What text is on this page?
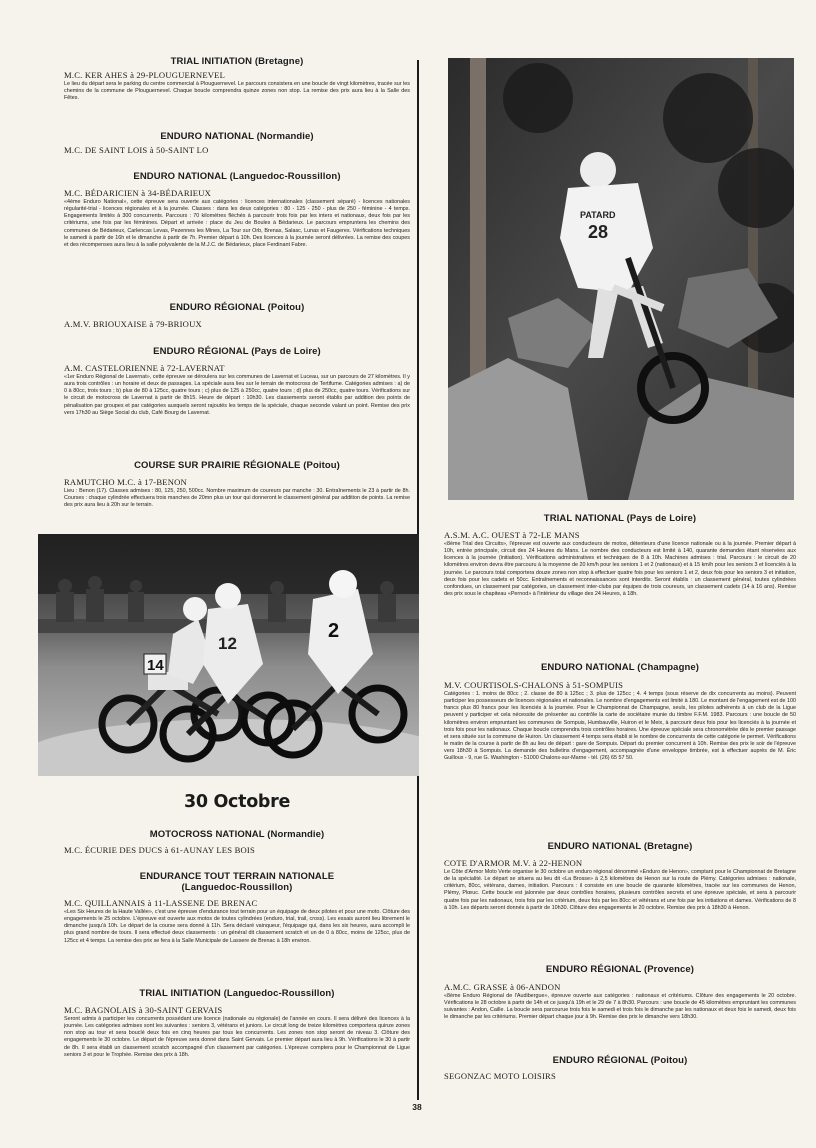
TRIAL INITIATION (Bretagne)
M.C. KER AHES à 29-PLOUGUERNEVEL
Le lieu du départ sera le parking du centre commercial à Plouguernevel. Le parcours consistera en une boucle de vingt kilomètres, tracée sur les chemins de la commune de Plouguernevel. Chaque boucle comprendra quinze zones non stop. La remise des prix aura lieu à la Salle des Fêtes.
ENDURO NATIONAL (Normandie)
M.C. DE SAINT LOIS à 50-SAINT LO
ENDURO NATIONAL (Languedoc-Roussillon)
M.C. BÉDARICIEN à 34-BÉDARIEUX
«4ème Enduro National», cette épreuve sera ouverte aux catégories : licences internationales (classement séparé) - licences nationales régularité-trial - licences régionales et à la journée. Classes : dans les deux catégories : 80 - 125 - 250 - plus de 250 - féminine - 4 temps. Engagements limités à 300 concurrents. Parcours : 70 kilomètres fléchés à parcourir trois fois par les inters et nationaux, deux fois par les critériums, une fois par les féminines. Départ et arrivée : place du Jeu de Boules à Bédarieux. Le parcours empruntera les chemins des communes de Bédarieux, Carlencas Levas, Pezennes les Mines, La Tour sur Orb, Brenas, Salasc, Lunas et Faugeres. Vérifications techniques le samedi à partir de 16h et le dimanche à partir de 7h. Premier départ à 10h. Des licences à la journée seront délivrées. La remise des coupes et des récompenses aura lieu à la salle polyvalente de la M.J.C. de Bédarieux, place Ferdinant Fabre.
ENDURO RÉGIONAL (Poitou)
A.M.V. BRIOUXAISE à 79-BRIOUX
ENDURO RÉGIONAL (Pays de Loire)
A.M. CASTELORIENNE à 72-LAVERNAT
«1er Enduro Régional de Lavernat», cette épreuve se déroulera sur les communes de Lavernat et Luceau, sur un parcours de 27 kilomètres. Il y aura trois contrôles : un horaire et deux de passages. La spéciale aura lieu sur le terrain de motocross de Tertifume. Catégories admises : a) de 0 à 80cc, trois tours ; b) plus de 80 à 125cc, quatre tours ; c) plus de 125 à 250cc, quatre tours ; d) plus de 250cc, quatre tours. Vérifications sur le circuit de motocross de Lavernat à partir de 8h15. Heure de départ : 10h30. Les classements seront établis par addition des points de pénalisation par groupes et par catégories auxquels seront rajoutés les temps de la spéciale, chaque seconde valant un point. Remise des prix vers 17h30 au Siège Social du club, Café Bourg de Lavernat.
COURSE SUR PRAIRIE RÉGIONALE (Poitou)
RAMUTCHO M.C. à 17-BENON
Lieu : Benon (17). Classes admises : 80, 125, 250, 500cc. Nombre maximum de coureurs par manche : 30. Entraînements le 23 à partir de 8h. Courses : chaque cylindrée effectuera trois manches de 20mn plus un tour qui donneront le classement général par addition de points. La remise des prix aura lieu à 20h sur le terrain.
14
12
2
30 Octobre
MOTOCROSS NATIONAL (Normandie)
M.C. ÉCURIE DES DUCS à 61-AUNAY LES BOIS
ENDURANCE TOUT TERRAIN NATIONALE
(Languedoc-Roussillon)
M.C. QUILLANNAIS à 11-LASSENE DE BRENAC
«Les Six Heures de la Haute Vallée», c'est une épreuve d'endurance tout terrain pour un équipage de deux pilotes et pour une moto. Clôture des engagements le 25 octobre. L'épreuve est ouverte aux motos de toutes cylindrées (enduro, trial, trail, cross). Les essais auront lieu librement le dimanche jusqu'à 10h. Le départ de la course sera donné à 11h. Sera déclaré vainqueur, l'équipage qui, dans les six heures, aura accompli le plus grand nombre de tours. Il sera effectué deux classements : un général dit classement scratch et un de 0 à 80cc, moins de 125cc, plus de 125cc et 4 temps. La remise des prix se fera à la Salle Municipale de Lassere de Brenac à 18h environ.
TRIAL INITIATION (Languedoc-Roussillon)
M.C. BAGNOLAIS à 30-SAINT GERVAIS
Seront admis à participer les concurrents possédant une licence (nationale ou régionale) de l'année en cours. Il sera délivré des licences à la journée. Les catégories admises sont les suivantes : seniors 3, vétérans et juniors. Le circuit long de treize kilomètres comportera quinze zones non stop au tour et sera bouclé deux fois en cinq heures par tous les concurrents. Les zones non stop seront de niveau 3. Clôture des engagements le 30 octobre. Le départ de l'épreuve sera donné dans Saint Gervais. Le premier départ aura lieu à 9h. Vérifications le 30 à partir de 8h. Il sera établi un classement scratch accompagné d'un classement par catégories. L'épreuve comptera pour le Championnat de Ligue seniors 3 et pour le Trophée. Remise des prix à 18h.
PATARD
28
TRIAL NATIONAL (Pays de Loire)
A.S.M. A.C. OUEST à 72-LE MANS
«8ème Trial des Circuits», l'épreuve est ouverte aux conducteurs de motos, détenteurs d'une licence nationale ou à la journée. Premier départ à 10h, entrée principale, circuit des 24 Heures du Mans. Le nombre des conducteurs est limité à 140, quarante demandes étant réservées aux licences à la journée (initiation). Vérifications administratives et techniques de 8 à 10h. Machines admises : trial. Parcours : le circuit de 20 kilomètres environ devra être parcouru à la moyenne de 20 km/h pour les seniors 1 et 2 (nationaux) et à 15 km/h pour les seniors 3 et licenciés à la journée. Le parcours total comportera douze zones non stop à effectuer quatre fois pour les seniors 1 et 2, deux fois pour les seniors 3 et initiation, deux fois pour les cadets et 50cc. Entraînements et reconnaissances sont interdits. Seront établis : un classement général, toutes cylindrées confondues, un classement par catégories, un classement inter-clubs par équipes de trois coureurs, un classement cadets (14 à 16 ans). Remise des prix sous le chapiteau «Pernod» à l'intérieur du village des 24 Heures, à 18h.
ENDURO NATIONAL (Champagne)
M.V. COURTISOLS-CHALONS à 51-SOMPUIS
Catégories : 1. moins de 80cc ; 2. classe de 80 à 125cc ; 3. plus de 125cc ; 4. 4 temps (sous réserve de dix concurrents au moins). Peuvent participer les possesseurs de licences régionales et nationales. Le nombre d'engagements est limité à 180. Le montant de l'engagement est de 100 francs plus 80 francs pour les licenciés à la journée. Pour le Championnat de Champagne, seuls, les pilotes adhérents à un club de la Ligue peuvent y participer et cela nécessite de présenter au contrôle la carte de sociétaire munie du timbre F.F.M. 1983. Parcours : une boucle de 50 kilomètres environ empruntant les communes de Sompuis, Humbauville, Huiron et le Meix, à parcourir deux fois pour les licenciés à la journée et trois fois pour les nationaux. Chaque boucle comprendra trois contrôles horaires. Une épreuve spéciale sera chronométrée dès le premier passage et sera située sur la commune de Huiron. Un classement 4 temps sera établi si le nombre de concurrents de cette catégorie le permet. Vérifications le matin de la course à partir de 8h au lieu de départ : gare de Sompuis. Départ du premier concurrent à 10h. Remise des prix le soir de l'épreuve vers 18h30 à Sompuis. La demande des bulletins d'engagement, accompagnée d'une enveloppe timbrée, est à effectuer auprès de M. Éric Guilloux - 9, rue G. Washington - 51000 Chalons-sur-Marne - tél. (26) 65 57 50.
ENDURO NATIONAL (Bretagne)
COTE D'ARMOR M.V. à 22-HENON
Le Côte d'Armor Moto Verte organise le 30 octobre un enduro régional dénommé «Enduro de Henon», comptant pour le Championnat de Bretagne de la spécialité. Le départ se situera au lieu dit «La Brosse» à 2,5 kilomètres de Henon sur la route de Plémy. Catégories admises : nationale, critérium, 80cc, vétérans, dames, initiation. Parcours : il consiste en une boucle de quarante kilomètres, tracée sur les communes de Henon, Plémy, Plœuc. Cette boucle est jalonnée par deux contrôles horaires, plusieurs contrôles secrets et une épreuve spéciale, et sera à parcourir quatre fois par les nationaux, trois fois par les critérium, deux fois par les 80cc et vétérans et une fois par les initiations et dames. Vérifications de 8 à 10h. Les départs seront donnés à partir de 10h30. Clôture des engagements le 20 octobre. Remise des prix à 18h30 à Henon.
ENDURO RÉGIONAL (Provence)
A.M.C. GRASSE à 06-ANDON
«8ème Enduro Régional de l'Audibergue», épreuve ouverte aux catégories : nationaux et critériums. Clôture des engagements le 20 octobre. Vérifications le 28 octobre à partir de 14h et ce jusqu'à 19h et le 29 de 7 à 8h30. Parcours : une boucle de 45 kilomètres empruntant les communes suivantes : Andon, Caille. La boucle sera parcourue trois fois le samedi et trois fois le dimanche par les nationaux et deux fois le samedi, deux fois le dimanche par les critériums. Premier départ chaque jour à 9h. Remise des prix le dimanche vers 18h30.
ENDURO RÉGIONAL (Poitou)
SEGONZAC MOTO LOISIRS
38
